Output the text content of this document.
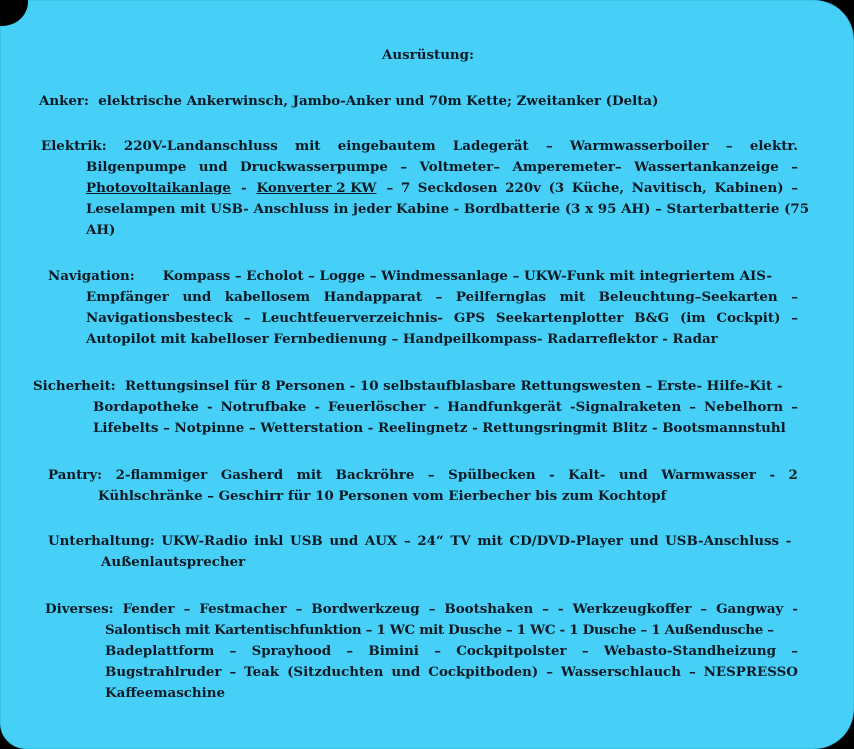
Ausrüstung:
Anker: elektrische Ankerwinsch, Jambo-Anker und 70m Kette; Zweitanker (Delta)
Elektrik: 220V-Landanschluss mit eingebautem Ladegerät – Warmwasserboiler – elektr.
Bilgenpumpe und Druckwasserpumpe – Voltmeter– Amperemeter– Wassertankanzeige –
Photovoltaikanlage - Konverter 2 KW – 7 Seckdosen 220v (3 Küche, Navitisch, Kabinen) –
Leselampen mit USB- Anschluss in jeder Kabine - Bordbatterie (3 x 95 AH) – Starterbatterie (75
AH)
Navigation: Kompass – Echolot – Logge – Windmessanlage – UKW-Funk mit integriertem AIS-
Empfänger und kabellosem Handapparat – Peilfernglas mit Beleuchtung–Seekarten –
Navigationsbesteck – Leuchtfeuerverzeichnis- GPS Seekartenplotter B&G (im Cockpit) –
Autopilot mit kabelloser Fernbedienung – Handpeilkompass- Radarreflektor - Radar
Sicherheit: Rettungsinsel für 8 Personen - 10 selbstaufblasbare Rettungswesten – Erste- Hilfe-Kit -
Bordapotheke - Notrufbake - Feuerlöscher - Handfunkgerät -Signalraketen – Nebelhorn –
Lifebelts – Notpinne – Wetterstation - Reelingnetz - Rettungsringmit Blitz - Bootsmannstuhl
Pantry: 2-flammiger Gasherd mit Backröhre – Spülbecken - Kalt- und Warmwasser - 2
Kühlschränke – Geschirr für 10 Personen vom Eierbecher bis zum Kochtopf
Unterhaltung: UKW-Radio inkl USB und AUX – 24“ TV mit CD/DVD-Player und USB-Anschluss -
Außenlautsprecher
Diverses: Fender – Festmacher – Bordwerkzeug – Bootshaken – - Werkzeugkoffer – Gangway -
Salontisch mit Kartentischfunktion – 1 WC mit Dusche – 1 WC - 1 Dusche – 1 Außendusche –
Badeplattform – Sprayhood – Bimini – Cockpitpolster – Webasto-Standheizung –
Bugstrahlruder – Teak (Sitzduchten und Cockpitboden) – Wasserschlauch – NESPRESSO
Kaffeemaschine
